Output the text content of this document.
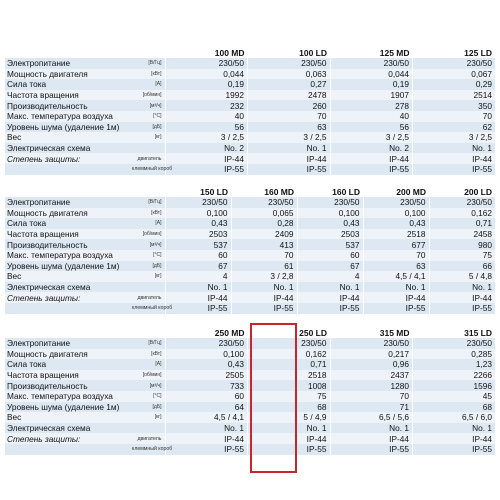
		100 MD	100 LD	125 MD	125 LD
Электропитание	[В/Гц]	230/50	230/50	230/50	230/50
Мощность двигателя	[кВт]	0,044	0,063	0,044	0,067
Сила тока	[А]	0,19	0,27	0,19	0,29
Частота вращения	[об/мин]	1992	2478	1907	2514
Производительность	[м³/ч]	232	260	278	350
Макс. температура воздуха	[°C]	40	70	40	70
Уровень шума (удаление 1м)	[дБ]	56	63	56	62
Вес	[кг]	3 / 2,5	3 / 2,5	3 / 2,5	3 / 2,5
Электрическая схема		No. 2	No. 1	No. 2	No. 1
Степень защиты:	двигатель	IP-44	IP-44	IP-44	IP-44
	клеммный короб	IP-55	IP-55	IP-55	IP-55
		150 LD	160 MD	160 LD	200 MD	200 LD
Электропитание	[В/Гц]	230/50	230/50	230/50	230/50	230/50
Мощность двигателя	[кВт]	0,100	0,065	0,100	0,100	0,162
Сила тока	[А]	0,43	0,28	0,43	0,43	0,71
Частота вращения	[об/мин]	2503	2409	2503	2518	2458
Производительность	[м³/ч]	537	413	537	677	980
Макс. температура воздуха	[°C]	60	70	60	70	75
Уровень шума (удаление 1м)	[дБ]	67	61	67	63	66
Вес	[кг]	4	3 / 2,8	4	4,5 / 4,1	5 / 4,8
Электрическая схема		No. 1	No. 1	No. 1	No. 1	No. 1
Степень защиты:	двигатель	IP-44	IP-44	IP-44	IP-44	IP-44
	клеммный короб	IP-55	IP-55	IP-55	IP-55	IP-55
		250 MD	250 LD	315 MD	315 LD
Электропитание	[В/Гц]	230/50	230/50	230/50	230/50
Мощность двигателя	[кВт]	0,100	0,162	0,217	0,285
Сила тока	[А]	0,43	0,71	0,96	1,23
Частота вращения	[об/мин]	2505	2518	2437	2266
Производительность	[м³/ч]	733	1008	1280	1596
Макс. температура воздуха	[°C]	60	75	70	45
Уровень шума (удаление 1м)	[дБ]	64	68	71	68
Вес	[кг]	4,5 / 4,1	5 / 4,9	6,5 / 5,6	6,5 / 6,0
Электрическая схема		No. 1	No. 1	No. 1	No. 1
Степень защиты:	двигатель	IP-44	IP-44	IP-44	IP-44
	клеммный короб	IP-55	IP-55	IP-55	IP-55
